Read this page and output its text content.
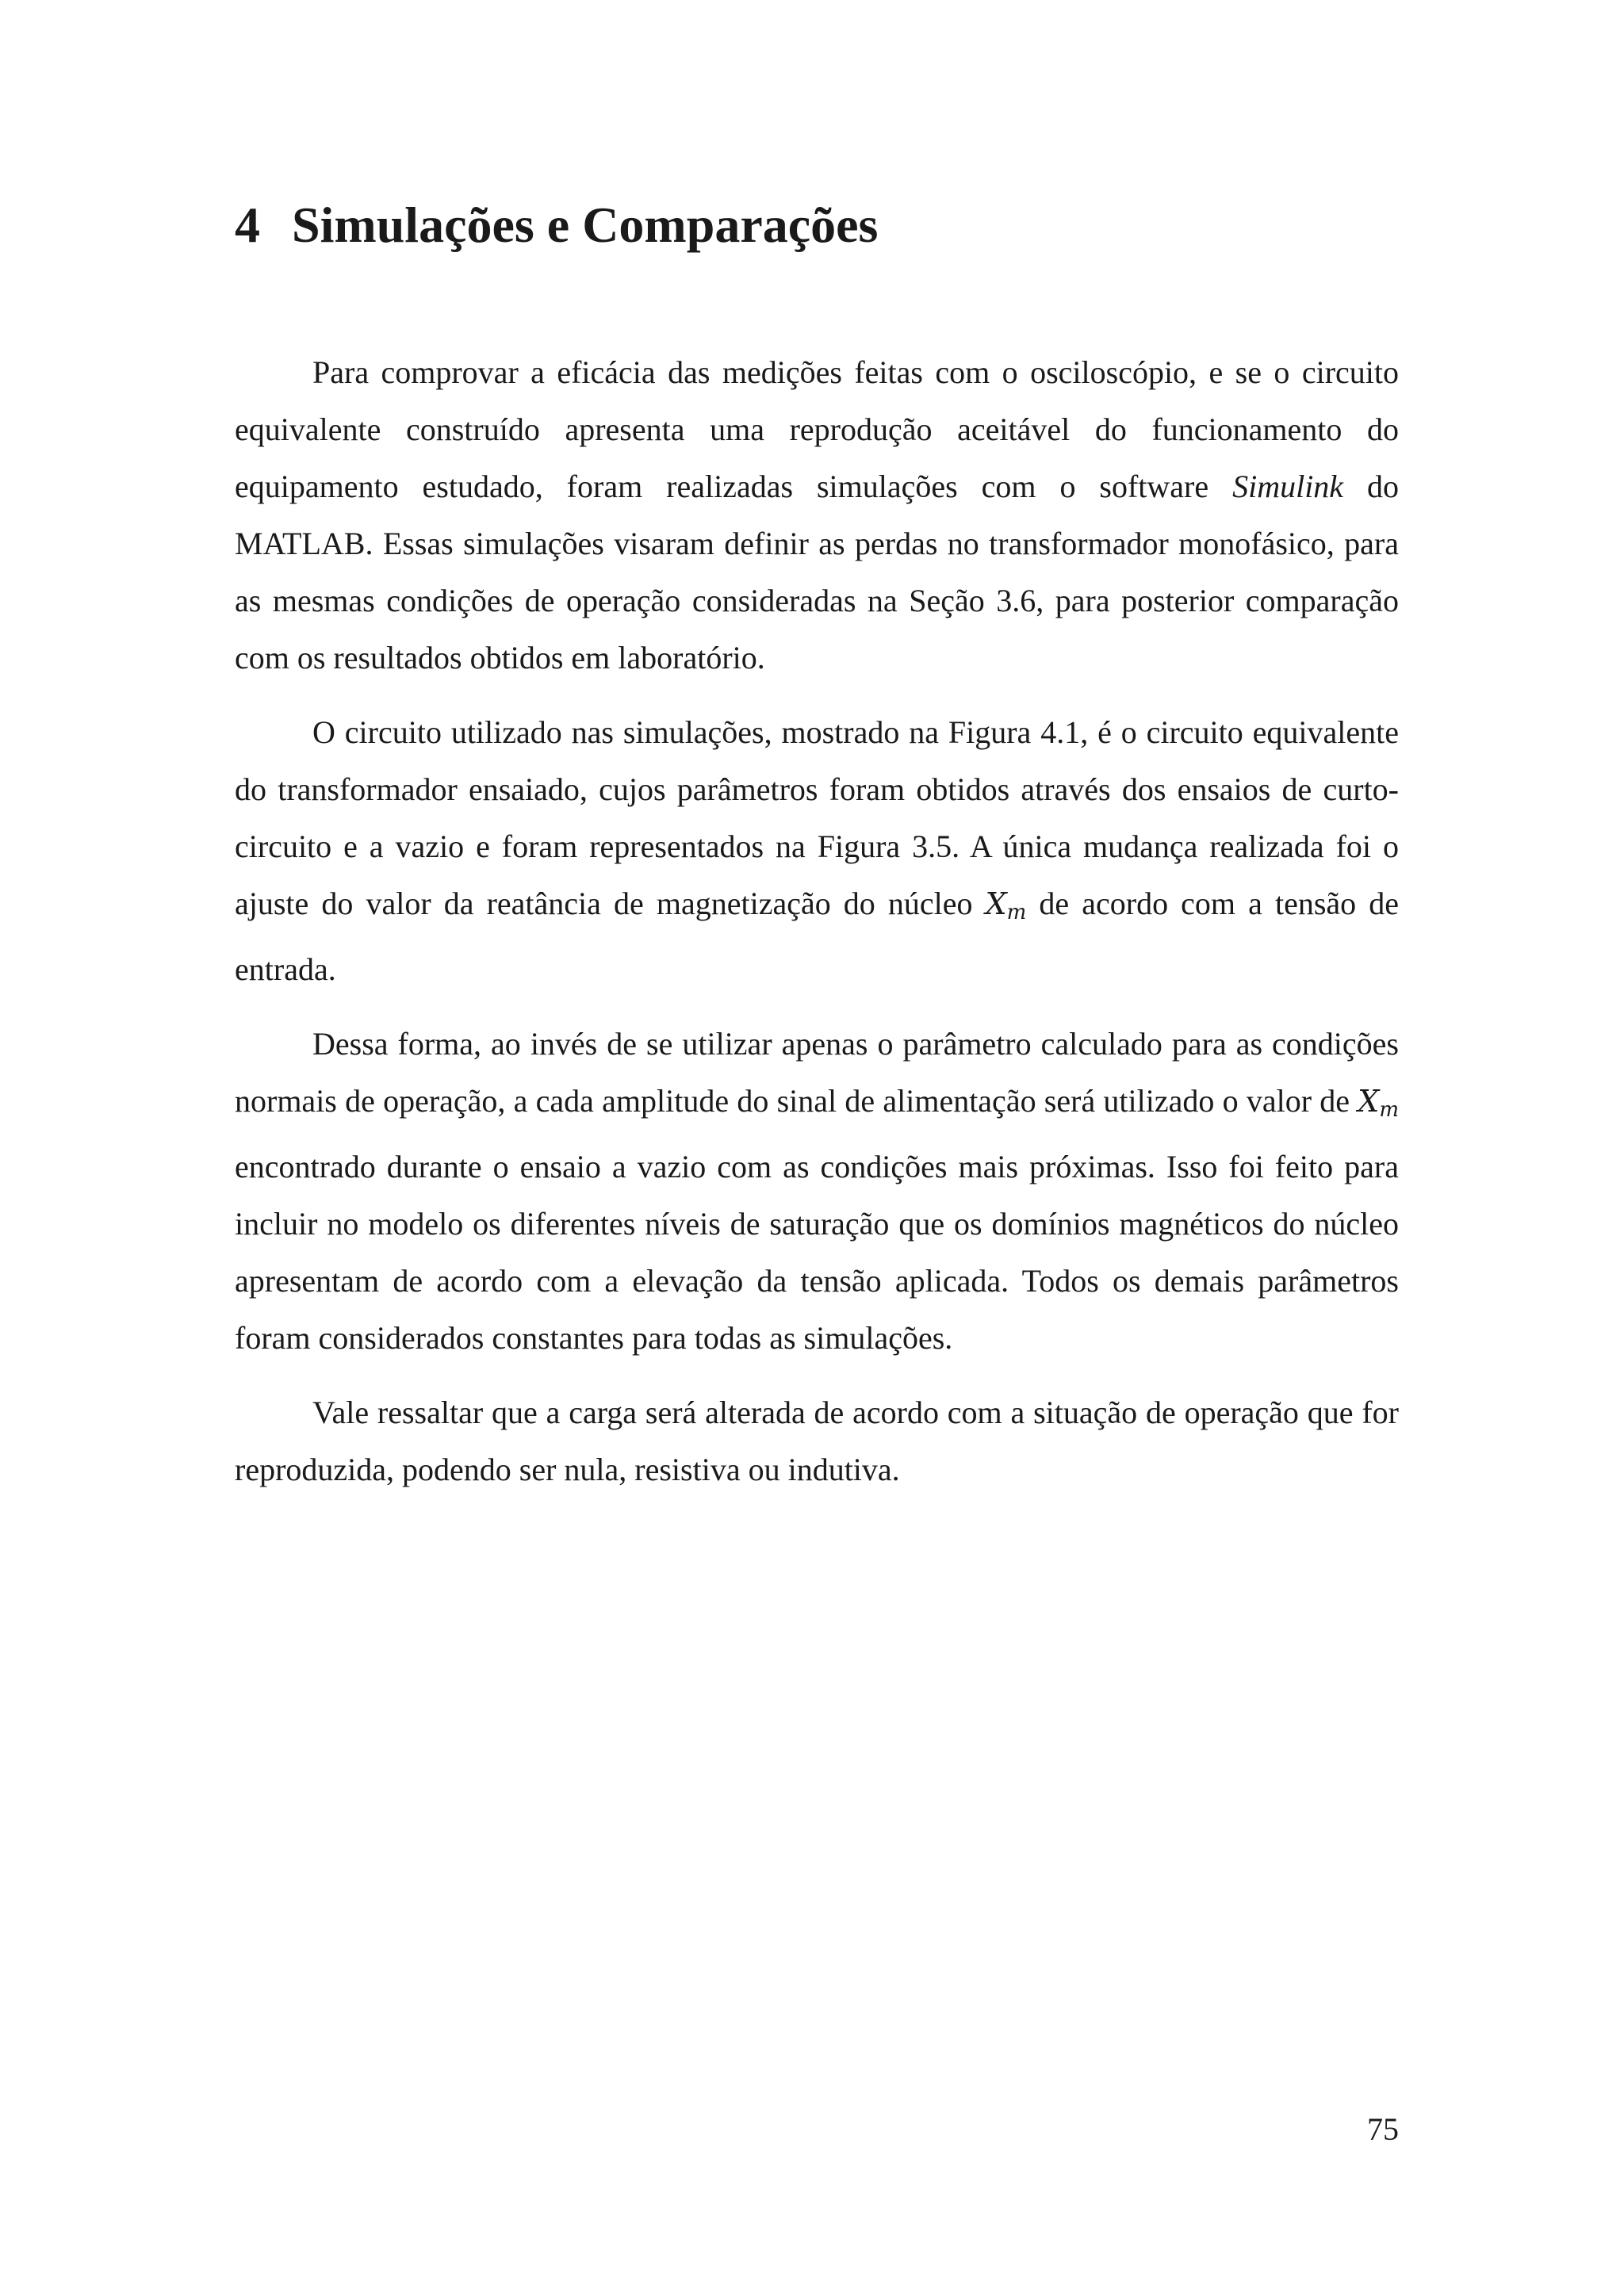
4 Simulações e Comparações

Para comprovar a eficácia das medições feitas com o osciloscópio, e se o circuito equivalente construído apresenta uma reprodução aceitável do funcionamento do equipamento estudado, foram realizadas simulações com o software Simulink do MATLAB. Essas simulações visaram definir as perdas no transformador monofásico, para as mesmas condições de operação consideradas na Seção 3.6, para posterior comparação com os resultados obtidos em laboratório.

O circuito utilizado nas simulações, mostrado na Figura 4.1, é o circuito equivalente do transformador ensaiado, cujos parâmetros foram obtidos através dos ensaios de curto-circuito e a vazio e foram representados na Figura 3.5. A única mudança realizada foi o ajuste do valor da reatância de magnetização do núcleo $X_m$ de acordo com a tensão de entrada.

Dessa forma, ao invés de se utilizar apenas o parâmetro calculado para as condições normais de operação, a cada amplitude do sinal de alimentação será utilizado o valor de $X_m$ encontrado durante o ensaio a vazio com as condições mais próximas. Isso foi feito para incluir no modelo os diferentes níveis de saturação que os domínios magnéticos do núcleo apresentam de acordo com a elevação da tensão aplicada. Todos os demais parâmetros foram considerados constantes para todas as simulações.

Vale ressaltar que a carga será alterada de acordo com a situação de operação que for reproduzida, podendo ser nula, resistiva ou indutiva.

75
